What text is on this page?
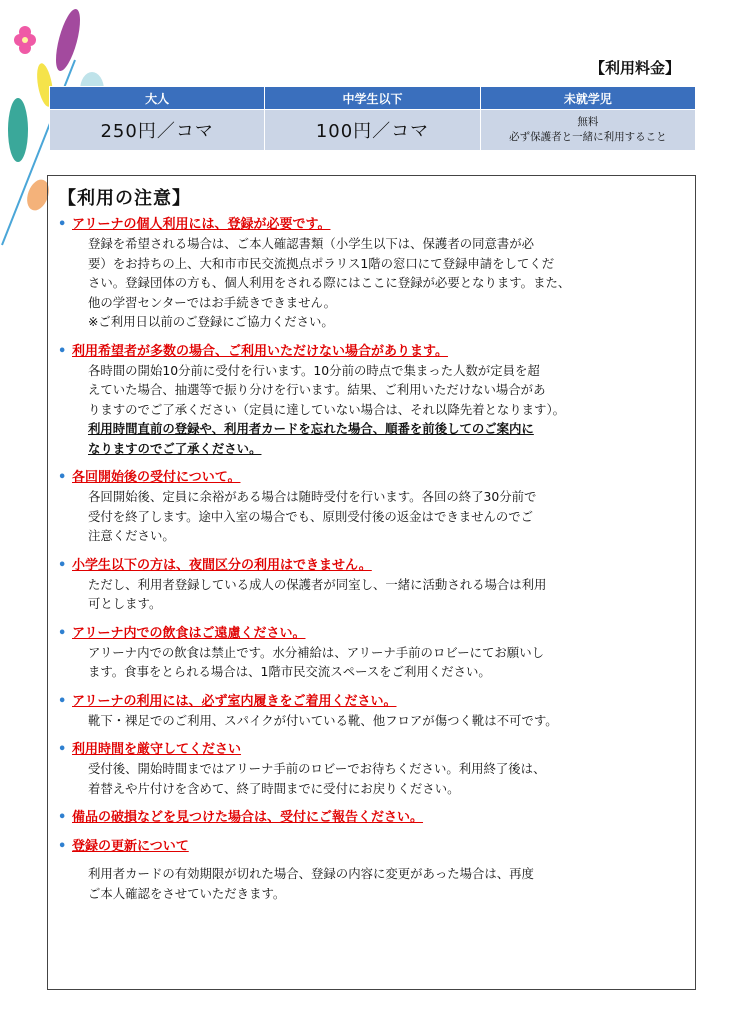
【利用料金】
大人	中学生以下	未就学児
250円／コマ	100円／コマ	無料
必ず保護者と一緒に利用すること
【利用の注意】
• アリーナの個人利用には、登録が必要です。
登録を希望される場合は、ご本人確認書類（小学生以下は、保護者の同意書が必
要）をお持ちの上、大和市市民交流拠点ポラリス1階の窓口にて登録申請をしてくだ
さい。登録団体の方も、個人利用をされる際にはここに登録が必要となります。また、
他の学習センターではお手続きできません。
※ご利用日以前のご登録にご協力ください。
• 利用希望者が多数の場合、ご利用いただけない場合があります。
各時間の開始10分前に受付を行います。10分前の時点で集まった人数が定員を超
えていた場合、抽選等で振り分けを行います。結果、ご利用いただけない場合があ
りますのでご了承ください（定員に達していない場合は、それ以降先着となります）。
利用時間直前の登録や、利用者カードを忘れた場合、順番を前後してのご案内に
なりますのでご了承ください。
• 各回開始後の受付について。
各回開始後、定員に余裕がある場合は随時受付を行います。各回の終了30分前で
受付を終了します。途中入室の場合でも、原則受付後の返金はできませんのでご
注意ください。
• 小学生以下の方は、夜間区分の利用はできません。
ただし、利用者登録している成人の保護者が同室し、一緒に活動される場合は利用
可とします。
• アリーナ内での飲食はご遠慮ください。
アリーナ内での飲食は禁止です。水分補給は、アリーナ手前のロビーにてお願いし
ます。食事をとられる場合は、1階市民交流スペースをご利用ください。
• アリーナの利用には、必ず室内履きをご着用ください。
靴下・裸足でのご利用、スパイクが付いている靴、他フロアが傷つく靴は不可です。
• 利用時間を厳守してください
受付後、開始時間まではアリーナ手前のロビーでお待ちください。利用終了後は、
着替えや片付けを含めて、終了時間までに受付にお戻りください。
• 備品の破損などを見つけた場合は、受付にご報告ください。
• 登録の更新について
利用者カードの有効期限が切れた場合、登録の内容に変更があった場合は、再度
ご本人確認をさせていただきます。
